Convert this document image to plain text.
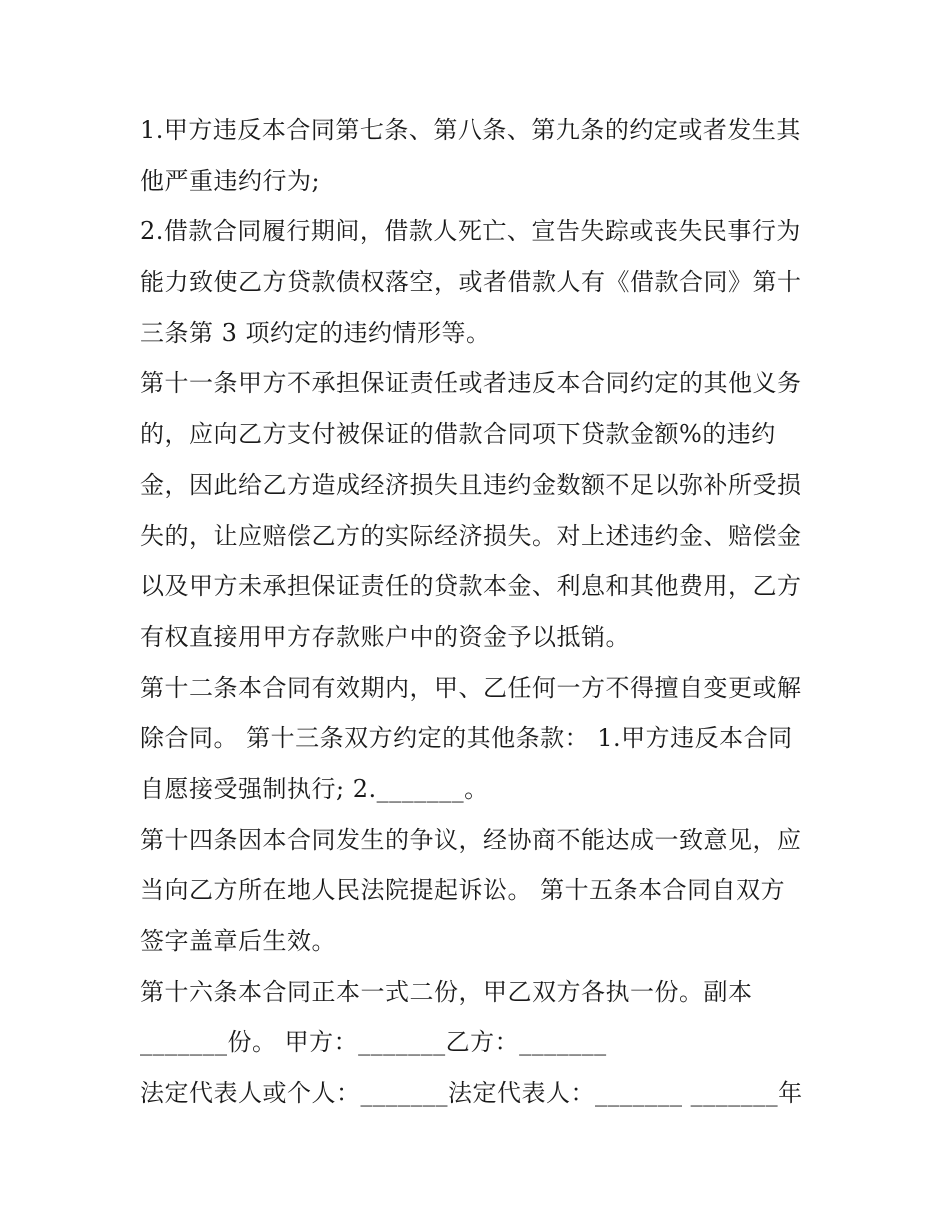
1.甲方违反本合同第七条、第八条、第九条的约定或者发生其
他严重违约行为;
2.借款合同履行期间，借款人死亡、宣告失踪或丧失民事行为
能力致使乙方贷款债权落空，或者借款人有《借款合同》第十
三条第 3 项约定的违约情形等。
第十一条甲方不承担保证责任或者违反本合同约定的其他义务
的，应向乙方支付被保证的借款合同项下贷款金额%的违约
金，因此给乙方造成经济损失且违约金数额不足以弥补所受损
失的，让应赔偿乙方的实际经济损失。对上述违约金、赔偿金
以及甲方未承担保证责任的贷款本金、利息和其他费用，乙方
有权直接用甲方存款账户中的资金予以抵销。
第十二条本合同有效期内，甲、乙任何一方不得擅自变更或解
除合同。 第十三条双方约定的其他条款： 1.甲方违反本合同
自愿接受强制执行; 2._______。
第十四条因本合同发生的争议，经协商不能达成一致意见，应
当向乙方所在地人民法院提起诉讼。 第十五条本合同自双方
签字盖章后生效。
第十六条本合同正本一式二份，甲乙双方各执一份。副本
_______份。 甲方：_______乙方：_______
法定代表人或个人：_______法定代表人：_______ _______年
